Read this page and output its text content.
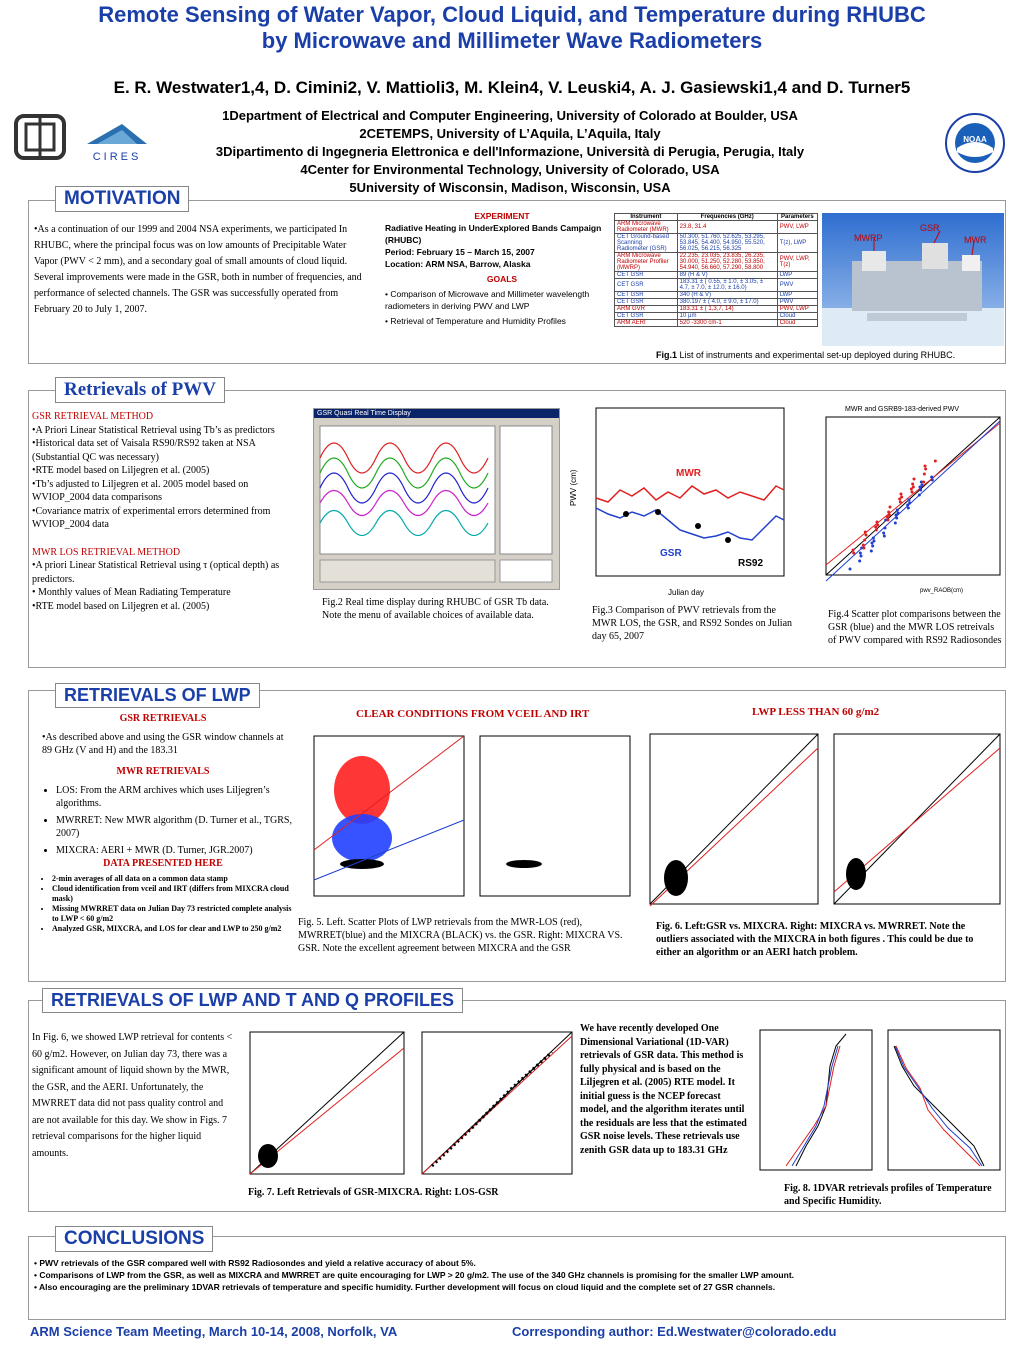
Remote Sensing of Water Vapor, Cloud Liquid, and Temperature during RHUBC
by Microwave and Millimeter Wave Radiometers
E. R. Westwater1,4, D. Cimini2, V. Mattioli3, M. Klein4, V. Leuski4, A. J. Gasiewski1,4 and D. Turner5
1Department of Electrical and Computer Engineering, University of Colorado at Boulder, USA
2CETEMPS, University of L’Aquila, L’Aquila, Italy
3Dipartimento di Ingegneria Elettronica e dell'Informazione, Università di Perugia, Perugia, Italy
4Center for Environmental Technology, University of Colorado, USA
5University of Wisconsin, Madison, Wisconsin, USA
CIRES
NOAA
MOTIVATION
•As a continuation of our 1999 and 2004 NSA experiments, we participated In RHUBC, where the principal focus was on low amounts of Precipitable Water Vapor (PWV < 2 mm), and a secondary goal of small amounts of cloud liquid. Several improvements were made in the GSR, both in number of frequencies, and performance of selected channels. The GSR was successfully operated from February 20 to July 1, 2007.
EXPERIMENT
Radiative Heating in UnderExplored Bands Campaign (RHUBC)
Period: February 15 – March 15, 2007
Location: ARM NSA, Barrow, Alaska
GOALS
• Comparison of Microwave and Millimeter wavelength radiometers in deriving PWV and LWP
• Retrieval of Temperature and Humidity Profiles
Instrument	Frequencies (GHz)	Parameters
ARM Microwave Radiometer (MWR)	23.8, 31.4	PWV, LWP
CET Ground-based Scanning Radiometer (GSR)	50.300, 51.760, 52.625, 53.295, 53.845, 54.400, 54.950, 55.520, 56.025, 56.215, 56.325	T(z), LWP
ARM Microwave Radiometer Profiler (MWRP)	22.235, 23.035, 23.835, 26.235, 30.000, 51.250, 52.280, 53.850, 54.940, 56.660, 57.290, 58.800	PWV, LWP, T(z)
CET GSR	89 (H & V)	LWP
CET GSR	183.31 ± ( 0.55, ± 1.0, ± 3.05, ± 4.7, ± 7.0, ± 12.0, ± 16.0)	PWV
CET GSR	340 (H & V)	LWP
CET GSR	380.197 ± ( 4.0, ± 9.0, ± 17.0)	PWV
ARM GVR	183.31 ± ( 1,3,7, 14)	PWV, LWP
CET GSR	10 μm	Cloud
ARM AERI	520 -3300 cm-1	Cloud
GSR
MWRP	MWR
Fig.1 List of instruments and experimental set-up deployed during RHUBC.
Retrievals of PWV
GSR RETRIEVAL METHOD
•A Priori Linear Statistical Retrieval using Tb’s as predictors
•Historical data set of Vaisala RS90/RS92 taken at NSA (Substantial QC was necessary)
•RTE model based on Liljegren et al. (2005)
•Tb’s adjusted to Liljegren et al. 2005 model based on WVIOP_2004 data comparisons
•Covariance matrix of experimental errors determined from WVIOP_2004 data
MWR LOS RETRIEVAL METHOD
•A priori Linear Statistical Retrieval using τ (optical depth) as predictors.
• Monthly values of Mean Radiating Temperature
•RTE model based on Liljegren et al. (2005)
GSR Quasi Real Time Display
Fig.2 Real time display during RHUBC of GSR Tb data. Note the menu of available choices of available data.
PWV (cm)	MWR
GSR
RS92
Julian day
Fig.3 Comparison of PWV retrievals from the MWR LOS, the GSR, and RS92 Sondes on Julian day 65, 2007
MWR and GSRB9-183-derived PWV
pwv_RAOB(cm)
Fig.4 Scatter plot comparisons between the GSR (blue) and the MWR LOS retreivals of PWV compared with RS92 Radiosondes
RETRIEVALS OF LWP
GSR RETRIEVALS
•As described above and using the GSR window channels at 89 GHz (V and H) and the 183.31
MWR RETRIEVALS
• LOS: From the ARM archives which uses Liljegren’s algorithms.
• MWRRET: New MWR algorithm (D. Turner et al., TGRS, 2007)
• MIXCRA: AERI + MWR (D. Turner, JGR.2007)
DATA PRESENTED HERE
• 2-min averages of all data on a common data stamp
• Cloud identification from vceil and IRT (differs from MIXCRA cloud mask)
• Missing MWRRET data on Julian Day 73 restricted complete analysis to LWP < 60 g/m2
• Analyzed GSR, MIXCRA, and LOS for clear and LWP to 250 g/m2
CLEAR CONDITIONS FROM VCEIL AND IRT	LWP LESS THAN 60 g/m2
Fig. 5. Left. Scatter Plots of LWP retrievals from the MWR-LOS (red), MWRRET(blue) and the MIXCRA (BLACK) vs. the GSR. Right: MIXCRA VS. GSR. Note the excellent agreement between MIXCRA and the GSR
Fig. 6. Left:GSR vs. MIXCRA. Right: MIXCRA vs. MWRRET. Note the outliers associated with the MIXCRA in both figures . This could be due to either an algorithm or an AERI hatch problem.
RETRIEVALS OF LWP AND T AND Q PROFILES
In Fig. 6, we showed LWP retrieval for contents < 60 g/m2. However, on Julian day 73, there was a significant amount of liquid shown by the MWR, the GSR, and the AERI. Unfortunately, the MWRRET data did not pass quality control and are not available for this day. We show in Figs. 7 retrieval comparisons for the higher liquid amounts.
Fig. 7. Left Retrievals of GSR-MIXCRA. Right: LOS-GSR
We have recently developed One Dimensional Variational (1D-VAR) retrievals of GSR data. This method is fully physical and is based on the Liljegren et al. (2005) RTE model. It initial guess is the NCEP forecast model, and the algorithm iterates until the residuals are less that the estimated GSR noise levels. These retrievals use zenith GSR data up to 183.31 GHz
Fig. 8. 1DVAR retrievals profiles of Temperature and Specific Humidity.
CONCLUSIONS
• PWV retrievals of the GSR compared well with RS92 Radiosondes and yield a relative accuracy of about 5%.
• Comparisons of LWP from the GSR, as well as MIXCRA and MWRRET are quite encouraging for LWP > 20 g/m2. The use of the 340 GHz channels is promising for the smaller LWP amount.
• Also encouraging are the preliminary 1DVAR retrievals of temperature and specific humidity. Further development will focus on cloud liquid and the complete set of 27 GSR channels.
ARM Science Team Meeting, March 10-14, 2008, Norfolk, VA	Corresponding author: Ed.Westwater@colorado.edu
